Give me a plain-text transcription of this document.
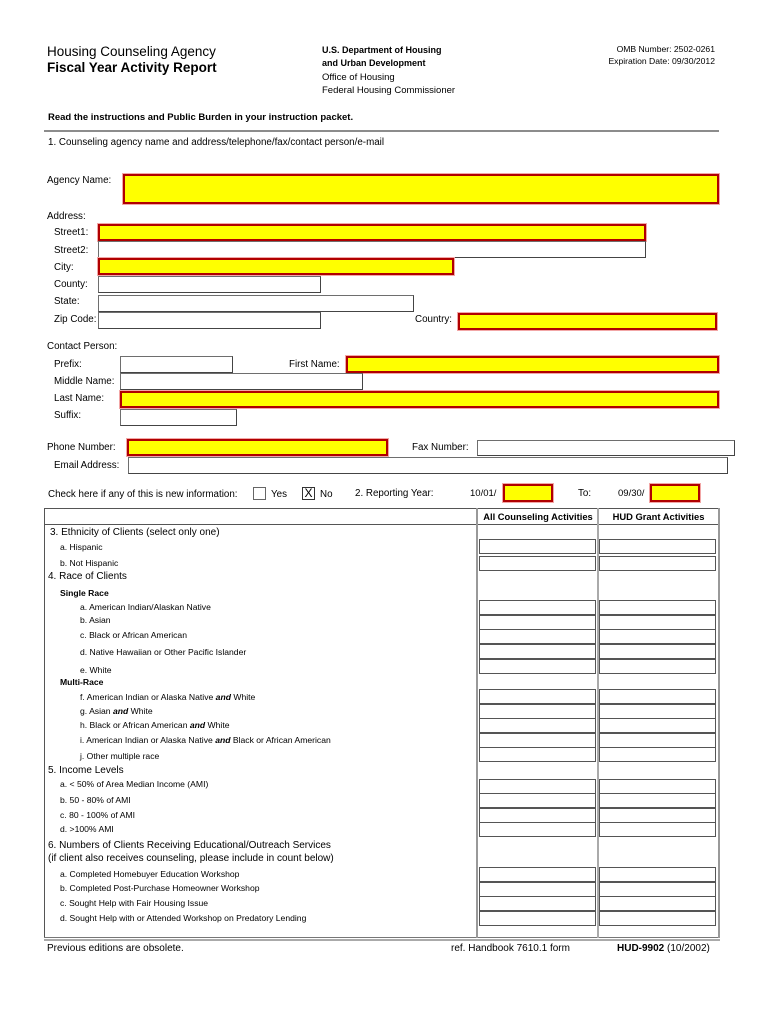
Housing Counseling Agency
Fiscal Year Activity Report
U.S. Department of Housing
and Urban Development
Office of Housing
Federal Housing Commissioner
OMB Number: 2502-0261
Expiration Date: 09/30/2012
Read the instructions and Public Burden in your instruction packet.
1. Counseling agency name and address/telephone/fax/contact person/e-mail
Agency Name:
Address:
Street1:
Street2:
City:
County:
State:
Zip Code:	Country:
Contact Person:
Prefix:	First Name:
Middle Name:
Last Name:
Suffix:
Phone Number:	Fax Number:
Email Address:
Check here if any of this is new information:	Yes X No 2. Reporting Year:	10/01/	To:	09/30/
All Counseling Activities	HUD Grant Activities
3. Ethnicity of Clients (select only one)
a. Hispanic
b. Not Hispanic
4. Race of Clients
Single Race
a. American Indian/Alaskan Native
b. Asian
c. Black or African American
d. Native Hawaiian or Other Pacific Islander
e. White
Multi-Race
f. American Indian or Alaska Native and White
g. Asian and White
h. Black or African American and White
i. American Indian or Alaska Native and Black or African American
j. Other multiple race
5. Income Levels
a. < 50% of Area Median Income (AMI)
b. 50 - 80% of AMI
c. 80 - 100% of AMI
d. >100% AMI
6. Numbers of Clients Receiving Educational/Outreach Services
(if client also receives counseling, please include in count below)
a. Completed Homebuyer Education Workshop
b. Completed Post-Purchase Homeowner Workshop
c. Sought Help with Fair Housing Issue
d. Sought Help with or Attended Workshop on Predatory Lending
Previous editions are obsolete.	ref. Handbook 7610.1 form	HUD-9902 (10/2002)
